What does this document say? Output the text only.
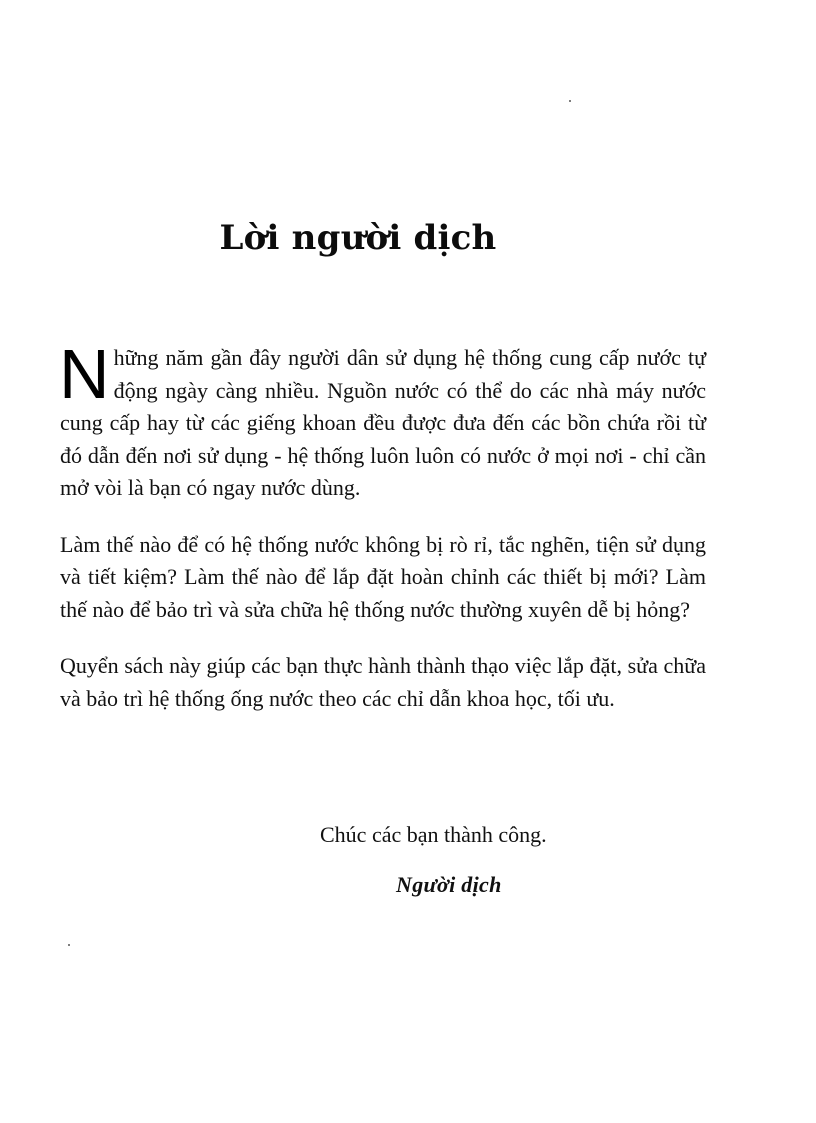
Lời người dịch

Những năm gần đây người dân sử dụng hệ thống cung cấp nước tự động ngày càng nhiều. Nguồn nước có thể do các nhà máy nước cung cấp hay từ các giếng khoan đều được đưa đến các bồn chứa rồi từ đó dẫn đến nơi sử dụng - hệ thống luôn luôn có nước ở mọi nơi - chỉ cần mở vòi là bạn có ngay nước dùng.

Làm thế nào để có hệ thống nước không bị rò rỉ, tắc nghẽn, tiện sử dụng và tiết kiệm? Làm thế nào để lắp đặt hoàn chỉnh các thiết bị mới? Làm thế nào để bảo trì và sửa chữa hệ thống nước thường xuyên dễ bị hỏng?

Quyển sách này giúp các bạn thực hành thành thạo việc lắp đặt, sửa chữa và bảo trì hệ thống ống nước theo các chỉ dẫn khoa học, tối ưu.

Chúc các bạn thành công.

Người dịch
